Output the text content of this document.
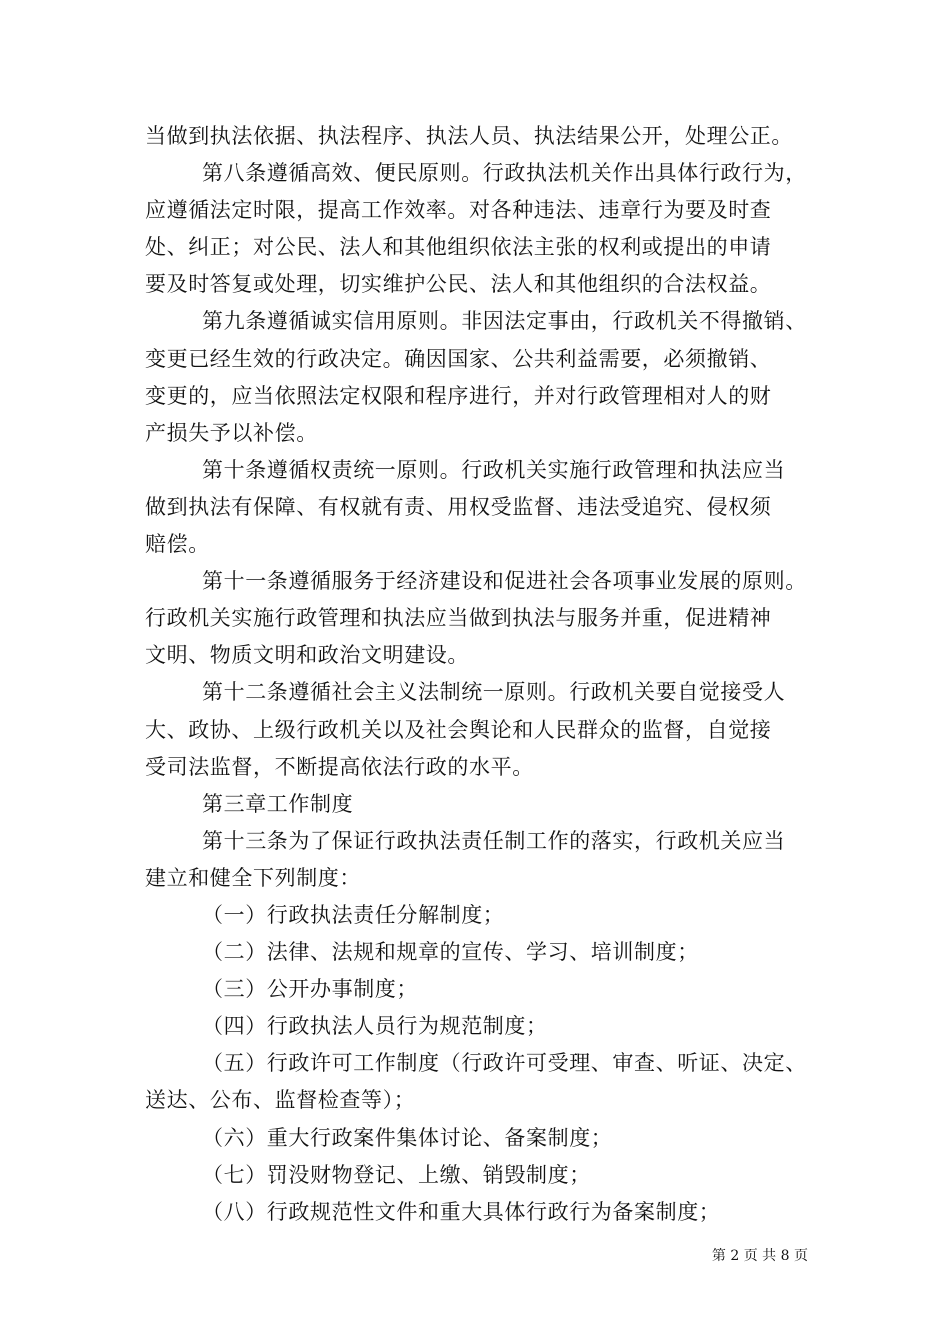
当做到执法依据、执法程序、执法人员、执法结果公开，处理公正。
第八条遵循高效、便民原则。行政执法机关作出具体行政行为，
应遵循法定时限，提高工作效率。对各种违法、违章行为要及时查
处、纠正；对公民、法人和其他组织依法主张的权利或提出的申请
要及时答复或处理，切实维护公民、法人和其他组织的合法权益。
第九条遵循诚实信用原则。非因法定事由，行政机关不得撤销、
变更已经生效的行政决定。确因国家、公共利益需要，必须撤销、
变更的，应当依照法定权限和程序进行，并对行政管理相对人的财
产损失予以补偿。
第十条遵循权责统一原则。行政机关实施行政管理和执法应当
做到执法有保障、有权就有责、用权受监督、违法受追究、侵权须
赔偿。
第十一条遵循服务于经济建设和促进社会各项事业发展的原则。
行政机关实施行政管理和执法应当做到执法与服务并重，促进精神
文明、物质文明和政治文明建设。
第十二条遵循社会主义法制统一原则。行政机关要自觉接受人
大、政协、上级行政机关以及社会舆论和人民群众的监督，自觉接
受司法监督，不断提高依法行政的水平。
第三章工作制度
第十三条为了保证行政执法责任制工作的落实，行政机关应当
建立和健全下列制度：
（一）行政执法责任分解制度；
（二）法律、法规和规章的宣传、学习、培训制度；
（三）公开办事制度；
（四）行政执法人员行为规范制度；
（五）行政许可工作制度（行政许可受理、审查、听证、决定、
送达、公布、监督检查等）；
（六）重大行政案件集体讨论、备案制度；
（七）罚没财物登记、上缴、销毁制度；
（八）行政规范性文件和重大具体行政行为备案制度；
第 2 页 共 8 页
